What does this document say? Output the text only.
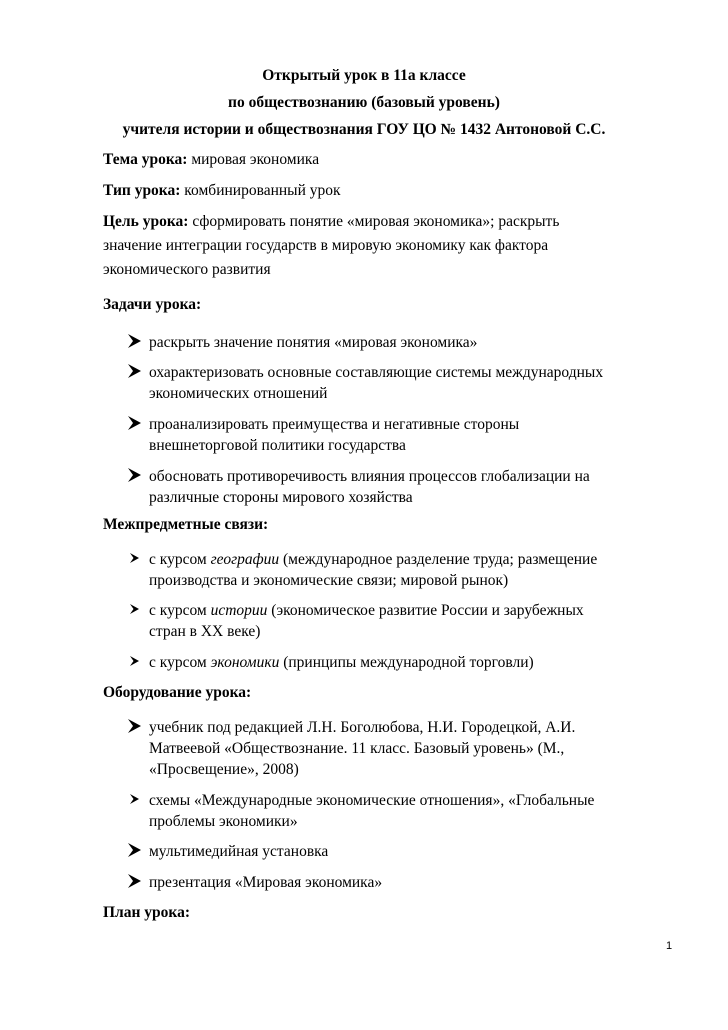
Открытый урок в 11а классе
по обществознанию (базовый уровень)
учителя истории и обществознания ГОУ ЦО № 1432 Антоновой С.С.
Тема урока: мировая экономика
Тип урока: комбинированный урок
Цель урока: сформировать понятие «мировая экономика»; раскрыть
значение интеграции государств в мировую экономику как фактора
экономического развития
Задачи урока:
раскрыть значение понятия «мировая экономика»
охарактеризовать основные составляющие системы международных
экономических отношений
проанализировать преимущества и негативные стороны
внешнеторговой политики государства
обосновать противоречивость влияния процессов глобализации на
различные стороны мирового хозяйства
Межпредметные связи:
с курсом географии (международное разделение труда; размещение
производства и экономические связи; мировой рынок)
с курсом истории (экономическое развитие России и зарубежных
стран в XX веке)
с курсом экономики (принципы международной торговли)
Оборудование урока:
учебник под редакцией Л.Н. Боголюбова, Н.И. Городецкой, А.И.
Матвеевой «Обществознание. 11 класс. Базовый уровень» (М.,
«Просвещение», 2008)
схемы «Международные экономические отношения», «Глобальные
проблемы экономики»
мультимедийная установка
презентация «Мировая экономика»
План урока:
1
